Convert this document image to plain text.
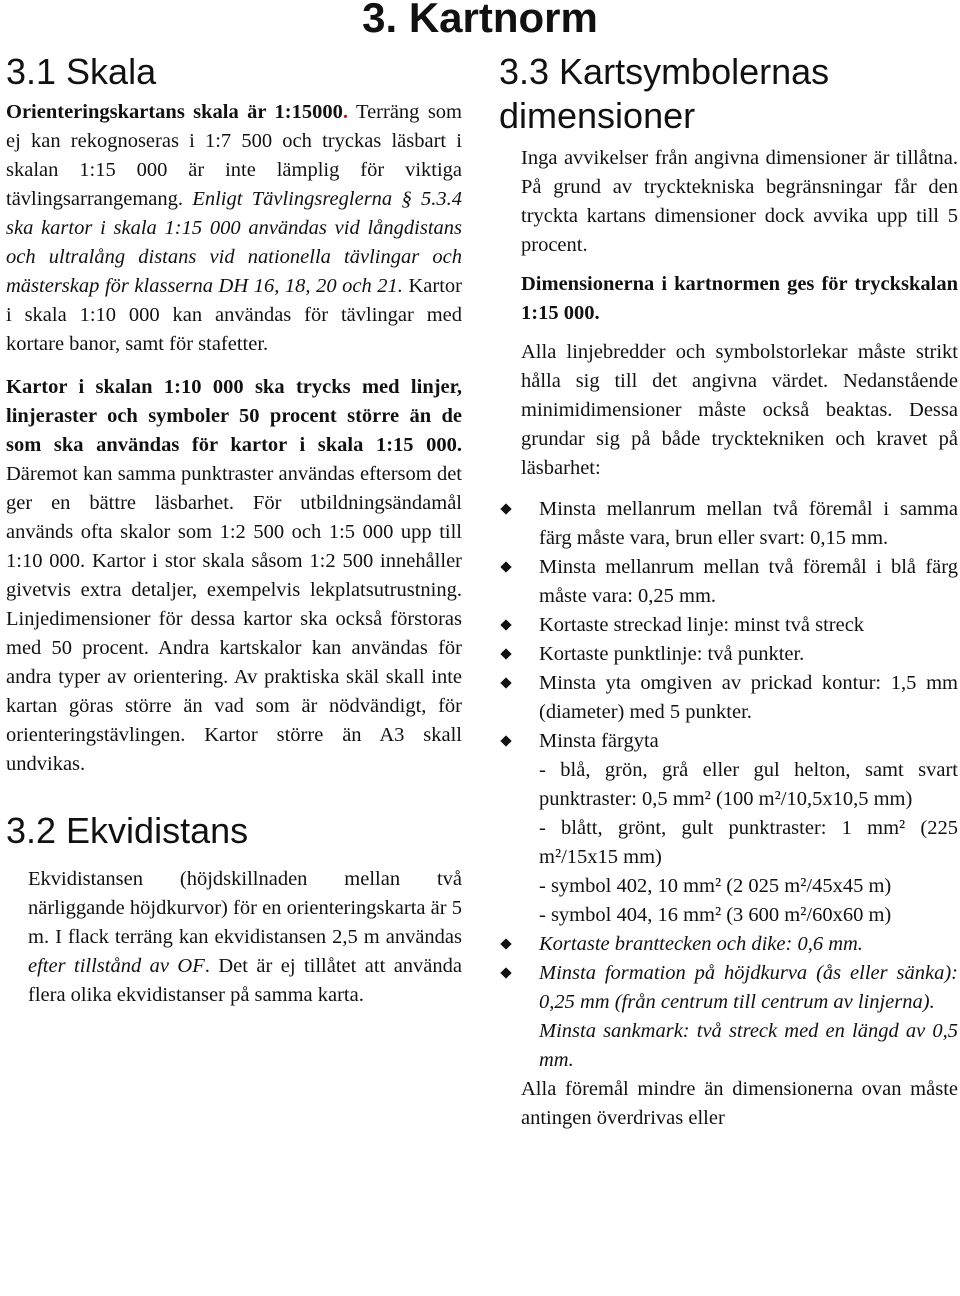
3. Kartnorm
3.1 Skala

Orienteringskartans skala är 1:15000. Terräng som ej kan rekognoseras i 1:7 500 och tryckas läsbart i skalan 1:15 000 är inte lämplig för viktiga tävlingsarrangemang. Enligt Tävlingsreglerna § 5.3.4 ska kartor i skala 1:15 000 användas vid långdistans och ultralång distans vid nationella tävlingar och mästerskap för klasserna DH 16, 18, 20 och 21. Kartor i skala 1:10 000 kan användas för tävlingar med kortare banor, samt för stafetter.

Kartor i skalan 1:10 000 ska trycks med linjer, linjeraster och symboler 50 procent större än de som ska användas för kartor i skala 1:15 000. Däremot kan samma punktraster användas eftersom det ger en bättre läsbarhet. För utbildningsändamål används ofta skalor som 1:2 500 och 1:5 000 upp till 1:10 000. Kartor i stor skala såsom 1:2 500 innehåller givetvis extra detaljer, exempelvis lekplatsutrustning. Linjedimensioner för dessa kartor ska också förstoras med 50 procent. Andra kartskalor kan användas för andra typer av orientering. Av praktiska skäl skall inte kartan göras större än vad som är nödvändigt, för orienteringstävlingen. Kartor större än A3 skall undvikas.

3.2 Ekvidistans

Ekvidistansen (höjdskillnaden mellan två närliggande höjdkurvor) för en orienteringskarta är 5 m. I flack terräng kan ekvidistansen 2,5 m användas efter tillstånd av OF. Det är ej tillåtet att använda flera olika ekvidistanser på samma karta.

3.3 Kartsymbolernas dimensioner

Inga avvikelser från angivna dimensioner är tillåtna. På grund av trycktekniska begränsningar får den tryckta kartans dimensioner dock avvika upp till 5 procent.

Dimensionerna i kartnormen ges för tryckskalan 1:15 000.

Alla linjebredder och symbolstorlekar måste strikt hålla sig till det angivna värdet. Nedanstående minimidimensioner måste också beaktas. Dessa grundar sig på både trycktekniken och kravet på läsbarhet:

Minsta mellanrum mellan två föremål i samma färg måste vara, brun eller svart: 0,15 mm.
Minsta mellanrum mellan två föremål i blå färg måste vara: 0,25 mm.
Kortaste streckad linje: minst två streck
Kortaste punktlinje: två punkter.
Minsta yta omgiven av prickad kontur: 1,5 mm (diameter) med 5 punkter.
Minsta färgyta
- blå, grön, grå eller gul helton, samt svart punktraster: 0,5 mm² (100 m²/10,5x10,5 mm)
- blått, grönt, gult punktraster: 1 mm² (225 m²/15x15 mm)
- symbol 402, 10 mm² (2 025 m²/45x45 m)
- symbol 404, 16 mm² (3 600 m²/60x60 m)
Kortaste branttecken och dike: 0,6 mm.
Minsta formation på höjdkurva (ås eller sänka): 0,25 mm (från centrum till centrum av linjerna).
Minsta sankmark: två streck med en längd av 0,5 mm.

Alla föremål mindre än dimensionerna ovan måste antingen överdrivas eller
